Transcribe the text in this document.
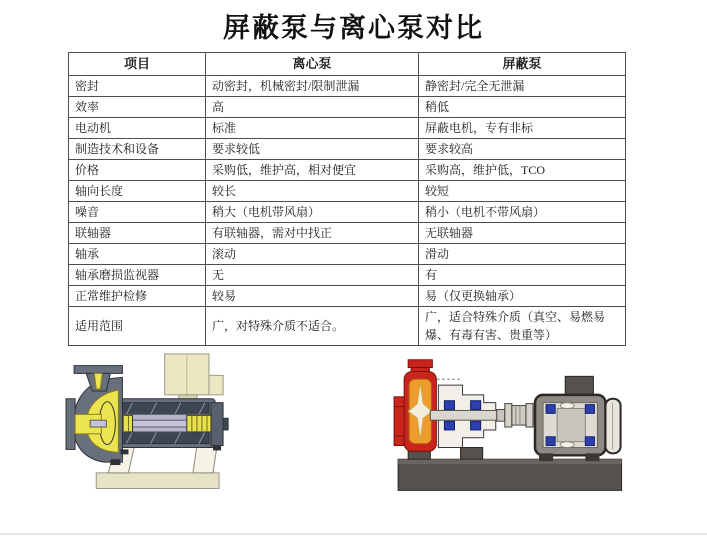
屏蔽泵与离心泵对比
项目	离心泵	屏蔽泵
密封	动密封，机械密封/限制泄漏	静密封/完全无泄漏
效率	高	稍低
电动机	标准	屏蔽电机，专有非标
制造技术和设备	要求较低	要求较高
价格	采购低，维护高，相对便宜	采购高，维护低，TCO
轴向长度	较长	较短
噪音	稍大（电机带风扇）	稍小（电机不带风扇）
联轴器	有联轴器，需对中找正	无联轴器
轴承	滚动	滑动
轴承磨损监视器	无	有
正常维护检修	较易	易（仅更换轴承）
适用范围	广，对特殊介质不适合。	广，适合特殊介质（真空、易燃易爆、有毒有害、贵重等）
